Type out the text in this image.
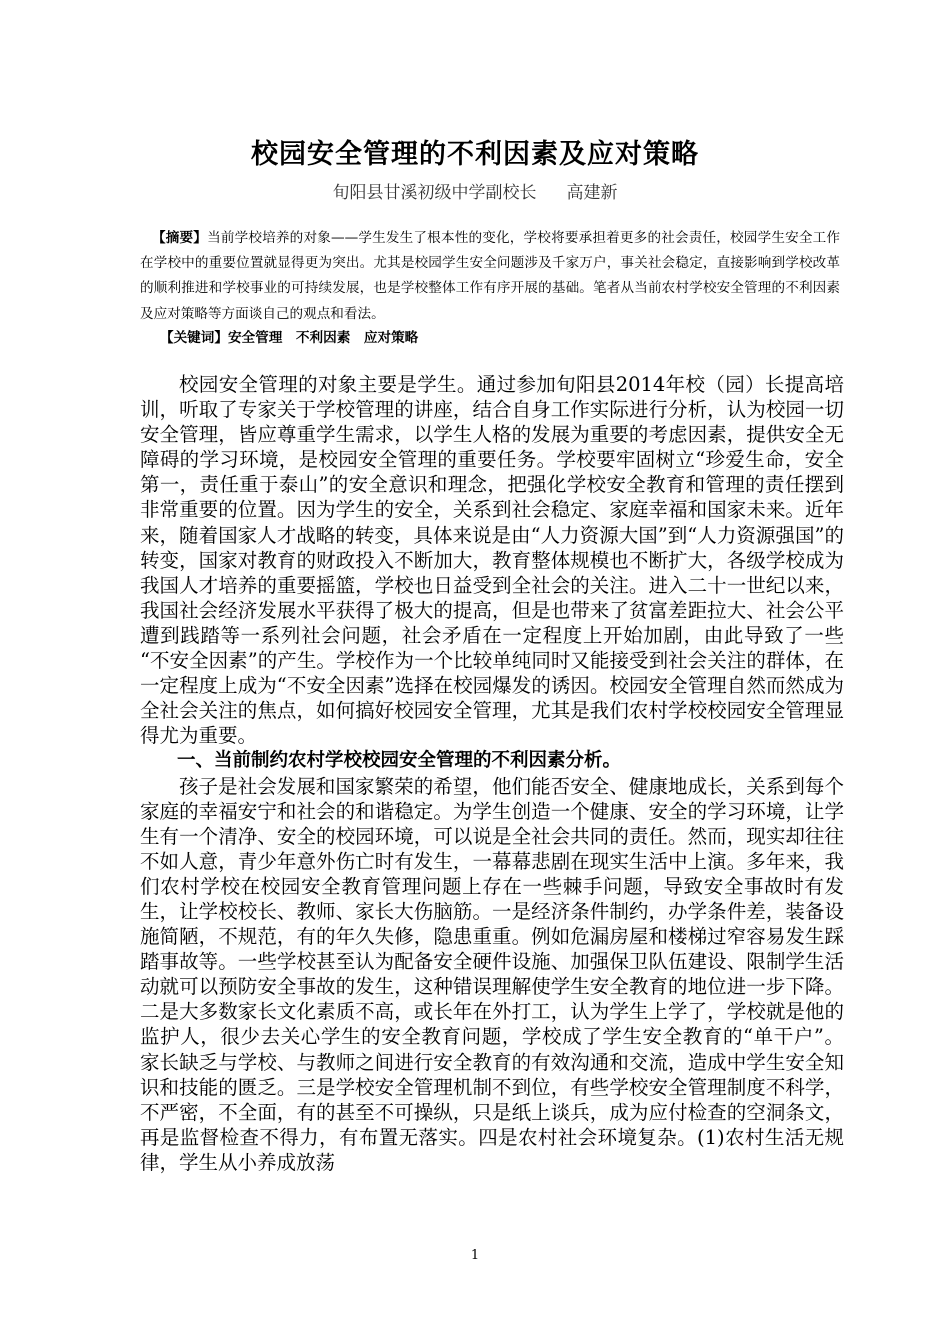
校园安全管理的不利因素及应对策略
旬阳县甘溪初级中学副校长 高建新

【摘要】当前学校培养的对象——学生发生了根本性的变化，学校将要承担着更多的社会责任，校园学生安全工作在学校中的重要位置就显得更为突出。尤其是校园学生安全问题涉及千家万户，事关社会稳定，直接影响到学校改革的顺利推进和学校事业的可持续发展，也是学校整体工作有序开展的基础。笔者从当前农村学校安全管理的不利因素及应对策略等方面谈自己的观点和看法。

【关键词】安全管理　不利因素　应对策略

校园安全管理的对象主要是学生。通过参加旬阳县2014年校（园）长提高培训，听取了专家关于学校管理的讲座，结合自身工作实际进行分析，认为校园一切安全管理，皆应尊重学生需求，以学生人格的发展为重要的考虑因素，提供安全无障碍的学习环境，是校园安全管理的重要任务。学校要牢固树立“珍爱生命，安全第一，责任重于泰山”的安全意识和理念，把强化学校安全教育和管理的责任摆到非常重要的位置。因为学生的安全，关系到社会稳定、家庭幸福和国家未来。近年来，随着国家人才战略的转变，具体来说是由“人力资源大国”到“人力资源强国”的转变，国家对教育的财政投入不断加大，教育整体规模也不断扩大，各级学校成为我国人才培养的重要摇篮，学校也日益受到全社会的关注。进入二十一世纪以来，我国社会经济发展水平获得了极大的提高，但是也带来了贫富差距拉大、社会公平遭到践踏等一系列社会问题，社会矛盾在一定程度上开始加剧，由此导致了一些 “不安全因素”的产生。学校作为一个比较单纯同时又能接受到社会关注的群体，在一定程度上成为“不安全因素”选择在校园爆发的诱因。校园安全管理自然而然成为全社会关注的焦点，如何搞好校园安全管理，尤其是我们农村学校校园安全管理显得尤为重要。

一、当前制约农村学校校园安全管理的不利因素分析。

孩子是社会发展和国家繁荣的希望，他们能否安全、健康地成长，关系到每个家庭的幸福安宁和社会的和谐稳定。为学生创造一个健康、安全的学习环境，让学生有一个清净、安全的校园环境，可以说是全社会共同的责任。然而，现实却往往不如人意，青少年意外伤亡时有发生，一幕幕悲剧在现实生活中上演。多年来，我们农村学校在校园安全教育管理问题上存在一些棘手问题，导致安全事故时有发生，让学校校长、教师、家长大伤脑筋。一是经济条件制约，办学条件差，装备设施简陋，不规范，有的年久失修，隐患重重。例如危漏房屋和楼梯过窄容易发生踩踏事故等。一些学校甚至认为配备安全硬件设施、加强保卫队伍建设、限制学生活动就可以预防安全事故的发生，这种错误理解使学生安全教育的地位进一步下降。二是大多数家长文化素质不高，或长年在外打工，认为学生上学了，学校就是他的监护人，很少去关心学生的安全教育问题，学校成了学生安全教育的“单干户”。 家长缺乏与学校、与教师之间进行安全教育的有效沟通和交流，造成中学生安全知识和技能的匮乏。三是学校安全管理机制不到位，有些学校安全管理制度不科学，不严密，不全面，有的甚至不可操纵，只是纸上谈兵，成为应付检查的空洞条文，再是监督检查不得力，有布置无落实。四是农村社会环境复杂。(1)农村生活无规律，学生从小养成放荡

1
